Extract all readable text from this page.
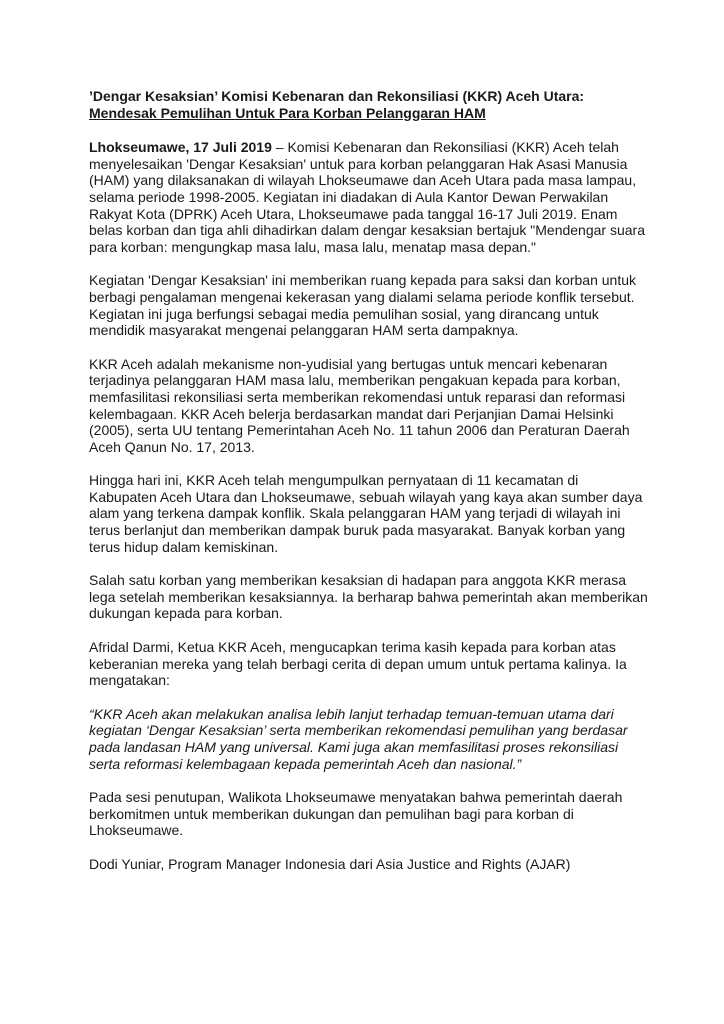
’Dengar Kesaksian’ Komisi Kebenaran dan Rekonsiliasi (KKR) Aceh Utara:
Mendesak Pemulihan Untuk Para Korban Pelanggaran HAM

Lhokseumawe, 17 Juli 2019 – Komisi Kebenaran dan Rekonsiliasi (KKR) Aceh telah menyelesaikan 'Dengar Kesaksian' untuk para korban pelanggaran Hak Asasi Manusia (HAM) yang dilaksanakan di wilayah Lhokseumawe dan Aceh Utara pada masa lampau, selama periode 1998-2005. Kegiatan ini diadakan di Aula Kantor Dewan Perwakilan Rakyat Kota (DPRK) Aceh Utara, Lhokseumawe pada tanggal 16-17 Juli 2019. Enam belas korban dan tiga ahli dihadirkan dalam dengar kesaksian bertajuk "Mendengar suara para korban: mengungkap masa lalu, masa lalu, menatap masa depan."

Kegiatan 'Dengar Kesaksian' ini memberikan ruang kepada para saksi dan korban untuk berbagi pengalaman mengenai kekerasan yang dialami selama periode konflik tersebut. Kegiatan ini juga berfungsi sebagai media pemulihan sosial, yang dirancang untuk mendidik masyarakat mengenai pelanggaran HAM serta dampaknya.

KKR Aceh adalah mekanisme non-yudisial yang bertugas untuk mencari kebenaran terjadinya pelanggaran HAM masa lalu, memberikan pengakuan kepada para korban, memfasilitasi rekonsiliasi serta memberikan rekomendasi untuk reparasi dan reformasi kelembagaan. KKR Aceh belerja berdasarkan mandat dari Perjanjian Damai Helsinki (2005), serta UU tentang Pemerintahan Aceh No. 11 tahun 2006 dan Peraturan Daerah Aceh Qanun No. 17, 2013.

Hingga hari ini, KKR Aceh telah mengumpulkan pernyataan di 11 kecamatan di Kabupaten Aceh Utara dan Lhokseumawe, sebuah wilayah yang kaya akan sumber daya alam yang terkena dampak konflik. Skala pelanggaran HAM yang terjadi di wilayah ini terus berlanjut dan memberikan dampak buruk pada masyarakat. Banyak korban yang terus hidup dalam kemiskinan.

Salah satu korban yang memberikan kesaksian di hadapan para anggota KKR merasa lega setelah memberikan kesaksiannya. Ia berharap bahwa pemerintah akan memberikan dukungan kepada para korban.

Afridal Darmi, Ketua KKR Aceh, mengucapkan terima kasih kepada para korban atas keberanian mereka yang telah berbagi cerita di depan umum untuk pertama kalinya. Ia mengatakan:

“KKR Aceh akan melakukan analisa lebih lanjut terhadap temuan-temuan utama dari kegiatan ‘Dengar Kesaksian’ serta memberikan rekomendasi pemulihan yang berdasar pada landasan HAM yang universal. Kami juga akan memfasilitasi proses rekonsiliasi serta reformasi kelembagaan kepada pemerintah Aceh dan nasional.”

Pada sesi penutupan, Walikota Lhokseumawe menyatakan bahwa pemerintah daerah berkomitmen untuk memberikan dukungan dan pemulihan bagi para korban di Lhokseumawe.

Dodi Yuniar, Program Manager Indonesia dari Asia Justice and Rights (AJAR)
